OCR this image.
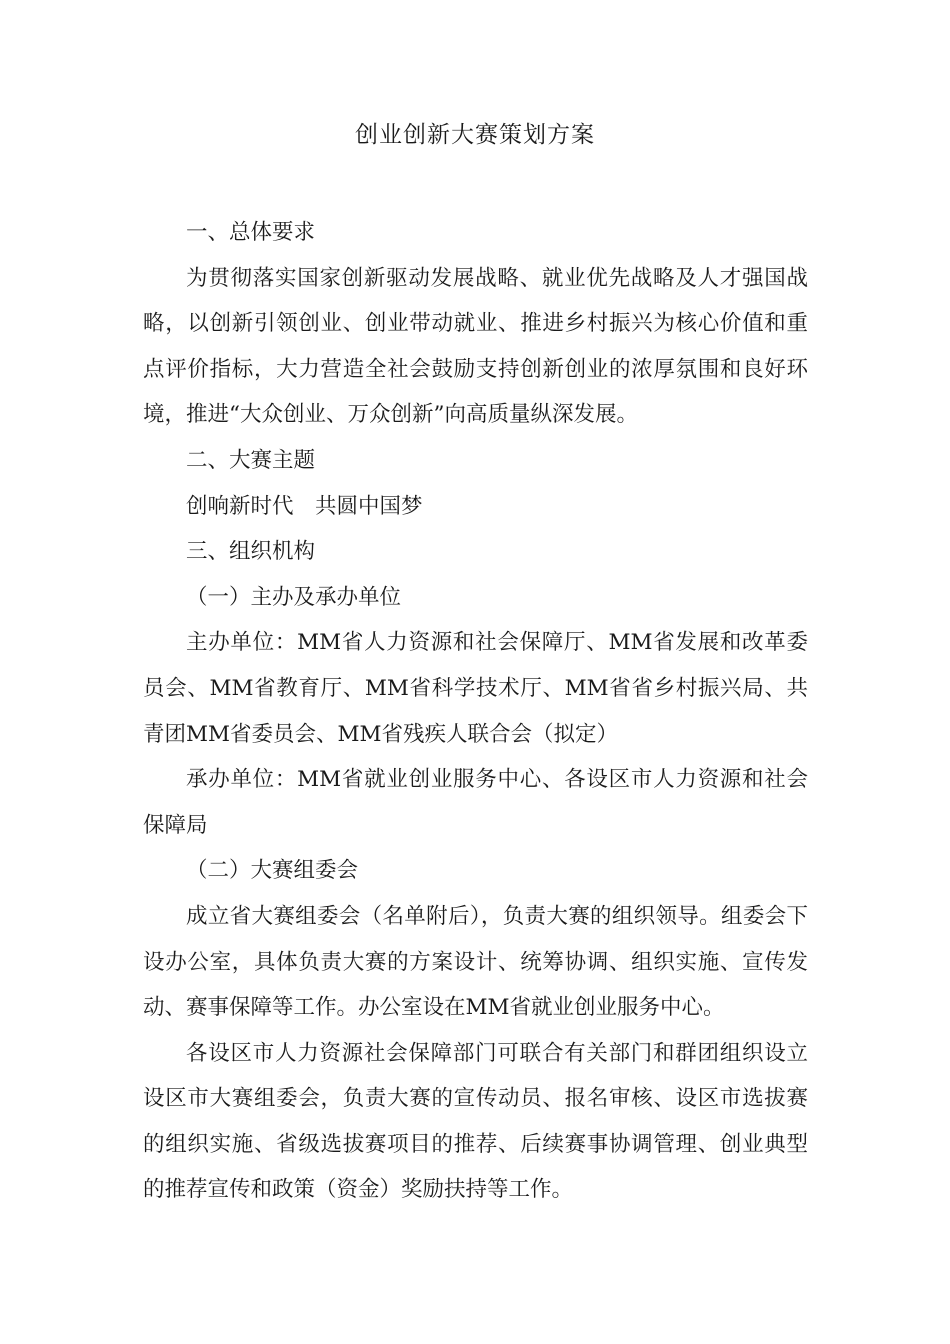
创业创新大赛策划方案

一、总体要求

为贯彻落实国家创新驱动发展战略、就业优先战略及人才强国战略，以创新引领创业、创业带动就业、推进乡村振兴为核心价值和重点评价指标，大力营造全社会鼓励支持创新创业的浓厚氛围和良好环境，推进“大众创业、万众创新”向高质量纵深发展。

二、大赛主题

创响新时代　共圆中国梦

三、组织机构

（一）主办及承办单位

主办单位：MM省人力资源和社会保障厅、MM省发展和改革委员会、MM省教育厅、MM省科学技术厅、MM省省乡村振兴局、共青团MM省委员会、MM省残疾人联合会（拟定）

承办单位：MM省就业创业服务中心、各设区市人力资源和社会保障局

（二）大赛组委会

成立省大赛组委会（名单附后），负责大赛的组织领导。组委会下设办公室，具体负责大赛的方案设计、统筹协调、组织实施、宣传发动、赛事保障等工作。办公室设在MM省就业创业服务中心。

各设区市人力资源社会保障部门可联合有关部门和群团组织设立设区市大赛组委会，负责大赛的宣传动员、报名审核、设区市选拔赛的组织实施、省级选拔赛项目的推荐、后续赛事协调管理、创业典型的推荐宣传和政策（资金）奖励扶持等工作。
